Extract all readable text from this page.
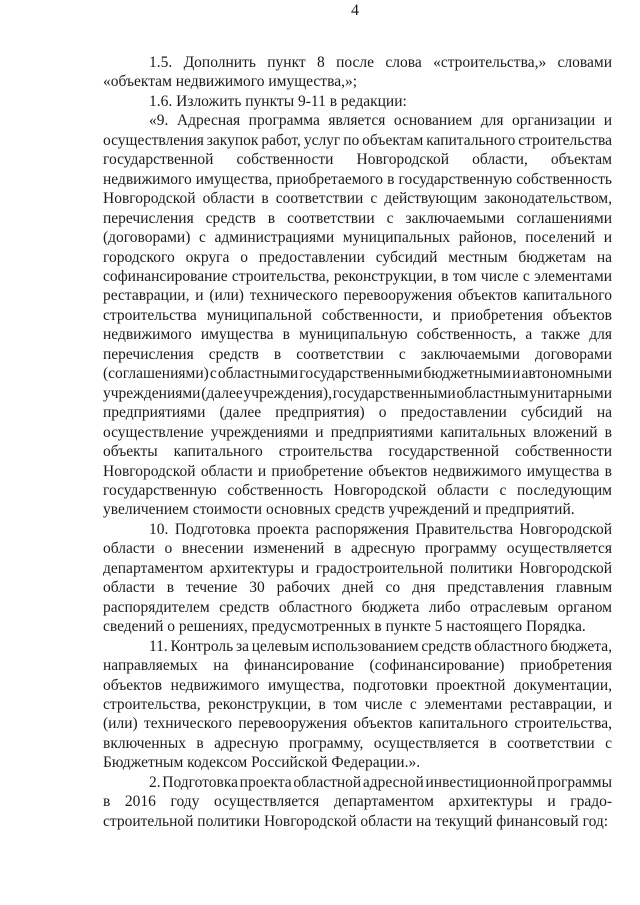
4
1.5. Дополнить пункт 8 после слова «строительства,» словами
«объектам недвижимого имущества,»;
1.6. Изложить пункты 9-11 в редакции:
«9. Адресная программа является основанием для организации и
осуществления закупок работ, услуг по объектам капитального строительства
государственной собственности Новгородской области, объектам
недвижимого имущества, приобретаемого в государственную собственность
Новгородской области в соответствии с действующим законодательством,
перечисления средств в соответствии с заключаемыми соглашениями
(договорами) с администрациями муниципальных районов, поселений и
городского округа о предоставлении субсидий местным бюджетам на
софинансирование строительства, реконструкции, в том числе с элементами
реставрации, и (или) технического перевооружения объектов капитального
строительства муниципальной собственности, и приобретения объектов
недвижимого имущества в муниципальную собственность, а также для
перечисления средств в соответствии с заключаемыми договорами
(соглашениями) с областными государственными бюджетными и автономными
учреждениями (далее учреждения), государственными областным унитарными
предприятиями (далее предприятия) о предоставлении субсидий на
осуществление учреждениями и предприятиями капитальных вложений в
объекты капитального строительства государственной собственности
Новгородской области и приобретение объектов недвижимого имущества в
государственную собственность Новгородской области с последующим
увеличением стоимости основных средств учреждений и предприятий.
10. Подготовка проекта распоряжения Правительства Новгородской
области о внесении изменений в адресную программу осуществляется
департаментом архитектуры и градостроительной политики Новгородской
области в течение 30 рабочих дней со дня представления главным
распорядителем средств областного бюджета либо отраслевым органом
сведений о решениях, предусмотренных в пункте 5 настоящего Порядка.
11. Контроль за целевым использованием средств областного бюджета,
направляемых на финансирование (софинансирование) приобретения
объектов недвижимого имущества, подготовки проектной документации,
строительства, реконструкции, в том числе с элементами реставрации, и
(или) технического перевооружения объектов капитального строительства,
включенных в адресную программу, осуществляется в соответствии с
Бюджетным кодексом Российской Федерации.».
2. Подготовка проекта областной адресной инвестиционной программы
в 2016 году осуществляется департаментом архитектуры и градо-
строительной политики Новгородской области на текущий финансовый год:
